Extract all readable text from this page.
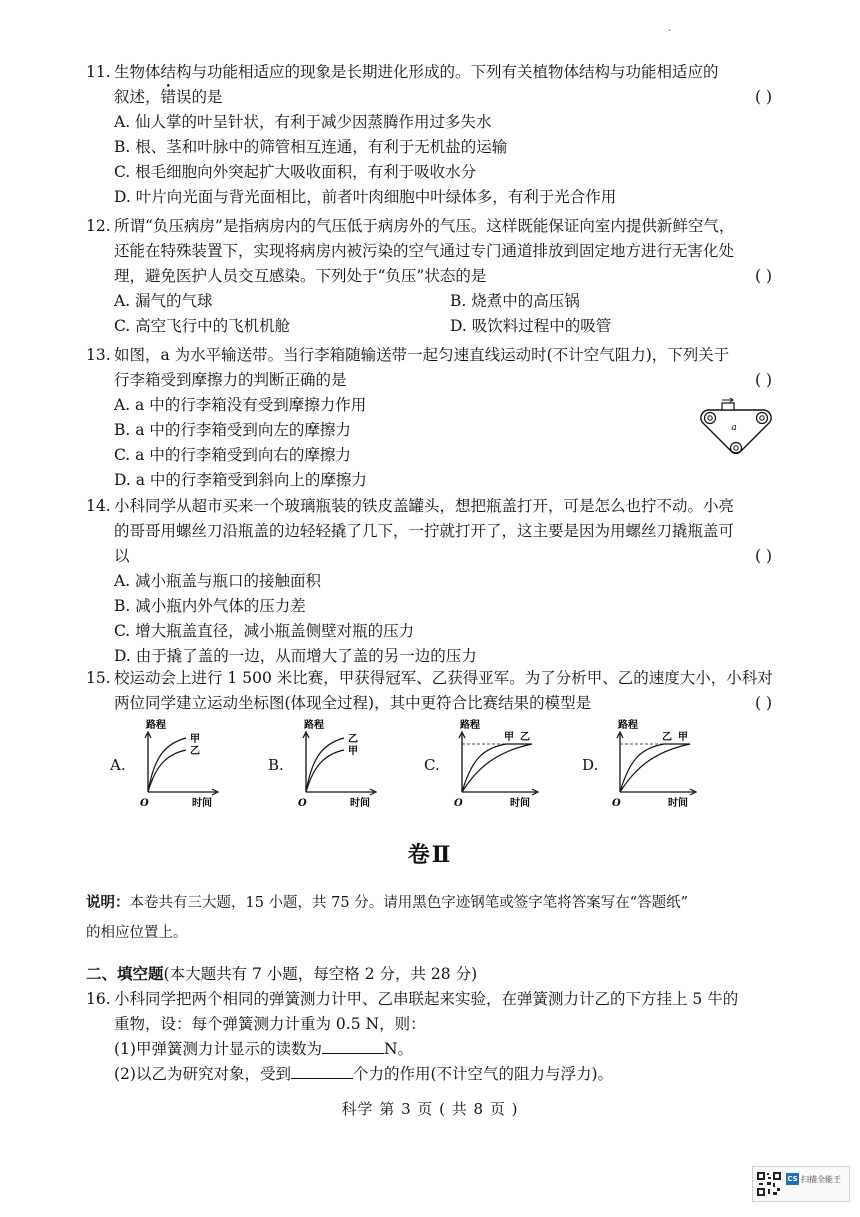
·
11. 生物体结构与功能相适应的现象是长期进化形成的。下列有关植物体结构与功能相适应的
叙述，错误的是	( )
A. 仙人掌的叶呈针状，有利于减少因蒸腾作用过多失水
B. 根、茎和叶脉中的筛管相互连通，有利于无机盐的运输
C. 根毛细胞向外突起扩大吸收面积，有利于吸收水分
D. 叶片向光面与背光面相比，前者叶肉细胞中叶绿体多，有利于光合作用
12. 所谓“负压病房”是指病房内的气压低于病房外的气压。这样既能保证向室内提供新鲜空气，
还能在特殊装置下，实现将病房内被污染的空气通过专门通道排放到固定地方进行无害化处
理，避免医护人员交互感染。下列处于“负压”状态的是	( )
A. 漏气的气球	B. 烧煮中的高压锅
C. 高空飞行中的飞机机舱	D. 吸饮料过程中的吸管
13. 如图，a 为水平输送带。当行李箱随输送带一起匀速直线运动时(不计空气阻力)，下列关于
行李箱受到摩擦力的判断正确的是	( )
A. a 中的行李箱没有受到摩擦力作用
B. a 中的行李箱受到向左的摩擦力
C. a 中的行李箱受到向右的摩擦力
D. a 中的行李箱受到斜向上的摩擦力
a
14. 小科同学从超市买来一个玻璃瓶装的铁皮盖罐头，想把瓶盖打开，可是怎么也拧不动。小亮
的哥哥用螺丝刀沿瓶盖的边轻轻撬了几下，一拧就打开了，这主要是因为用螺丝刀撬瓶盖可
以	( )
A. 减小瓶盖与瓶口的接触面积
B. 减小瓶内外气体的压力差
C. 增大瓶盖直径，减小瓶盖侧壁对瓶的压力
D. 由于撬了盖的一边，从而增大了盖的另一边的压力
15. 校运动会上进行 1 500 米比赛，甲获得冠军、乙获得亚军。为了分析甲、乙的速度大小，小科对
两位同学建立运动坐标图(体现全过程)，其中更符合比赛结果的模型是	( )
A.
路程
甲
乙
O	时间
B.
路程
乙
甲
O	时间
C.
路程
甲 乙
O	时间
D.
路程
乙 甲
O	时间
卷Ⅱ
说明：本卷共有三大题，15 小题，共 75 分。请用黑色字迹钢笔或签字笔将答案写在“答题纸”
的相应位置上。
二、填空题(本大题共有 7 小题，每空格 2 分，共 28 分)
16. 小科同学把两个相同的弹簧测力计甲、乙串联起来实验，在弹簧测力计乙的下方挂上 5 牛的
重物，设：每个弹簧测力计重为 0.5 N，则：
(1)甲弹簧测力计显示的读数为	N。
(2)以乙为研究对象，受到	个力的作用(不计空气的阻力与浮力)。
科学 第 3 页 ( 共 8 页 )
CS 扫描全能王
